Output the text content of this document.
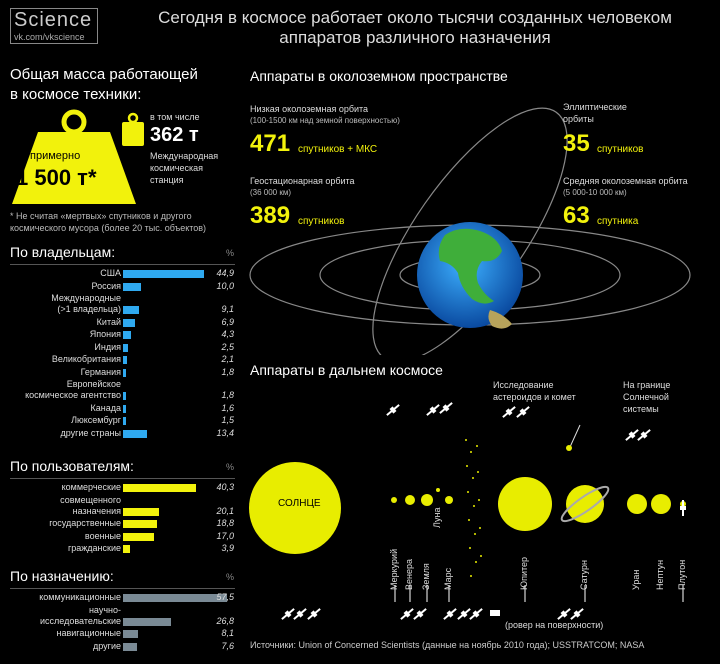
Science
vk.com/vkscience
Сегодня в космосе работает около тысячи созданных человеком аппаратов различного назначения
Общая масса работающей
в космосе техники:
примерно
1 500 т*
в том числе
362 т
Международная космическая станция
* Не считая «мертвых» спутников и другого космического мусора (более 20 тыс. объектов)
По владельцам:	%
США	44,9
Россия	10,0
Международные
(>1 владельца)	9,1
Китай	6,9
Япония	4,3
Индия	2,5
Великобритания	2,1
Германия	1,8
Европейское
космическое агентство	1,8
Канада	1,6
Люксембург	1,5
другие страны	13,4
По пользователям:	%
коммерческие	40,3
совмещенного
назначения	20,1
государственные	18,8
военные	17,0
гражданские	3,9
По назначению:	%
коммуникационные	57,5
научно-
исследовательские	26,8
навигационные	8,1
другие	7,6
Аппараты в околоземном пространстве
Низкая околоземная орбита
(100-1500 км над земной поверхностью)
471 спутников + МКС
Геостационарная орбита
(36 000 км)
389 спутников
Эллиптические
орбиты
35 спутников
Средняя околоземная орбита
(5 000-10 000 км)
63 спутника
Аппараты в дальнем космосе
СОЛНЦЕ
Меркурий Венера Земля
Луна
Марс	Юпитер	Сатурн	Уран Нептун Плутон
Исследование
астероидов и комет
На границе
Солнечной
системы
(ровер на поверхности)
Источники: Union of Concerned Scientists (данные на ноябрь 2010 года); USSTRATCOM; NASA
